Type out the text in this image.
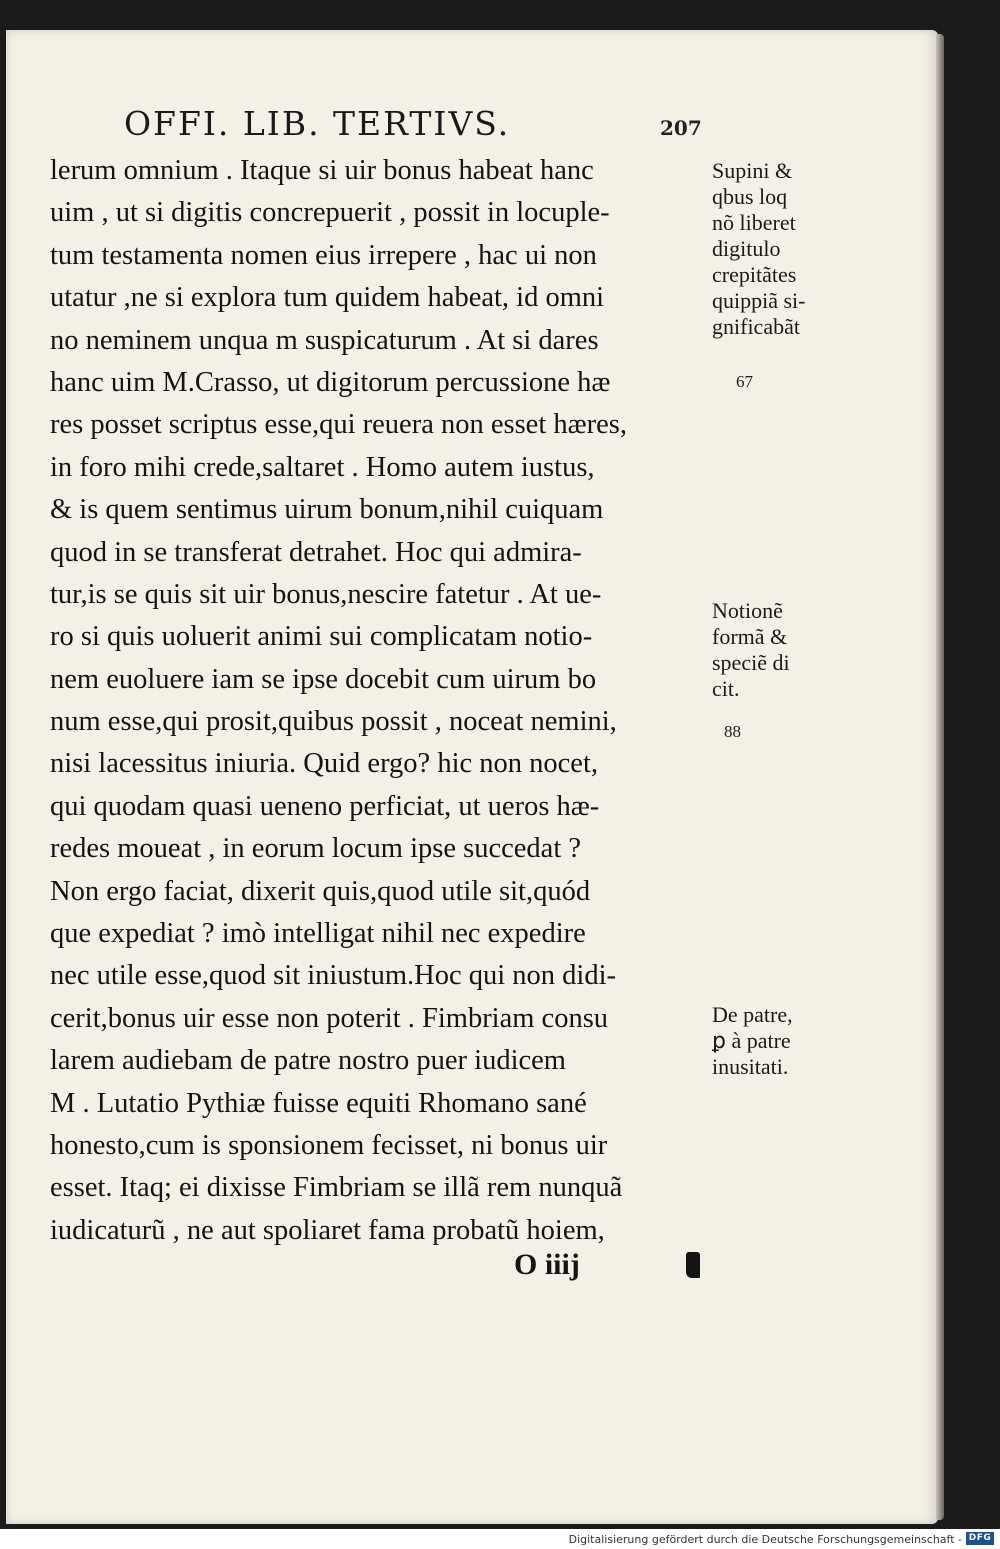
OFFI. LIB. TERTIVS.	207
lerum omnium . Itaque si uir bonus habeat hanc
uim , ut si digitis concrepuerit , possit in locuple-
tum testamenta nomen eius irrepere , hac ui non
utatur ,ne si explora tum quidem habeat, id omni
no neminem unqua m suspicaturum . At si dares
hanc uim M.Crasso, ut digitorum percussione hæ
res posset scriptus esse,qui reuera non esset hæres,
in foro mihi crede,saltaret . Homo autem iustus,
& is quem sentimus uirum bonum,nihil cuiquam
quod in se transferat detrahet. Hoc qui admira-
tur,is se quis sit uir bonus,nescire fatetur . At ue-
ro si quis uoluerit animi sui complicatam notio-
nem euoluere iam se ipse docebit cum uirum bo
num esse,qui prosit,quibus possit , noceat nemini,
nisi lacessitus iniuria. Quid ergo? hic non nocet,
qui quodam quasi ueneno perficiat, ut ueros hæ-
redes moueat , in eorum locum ipse succedat ?
Non ergo faciat, dixerit quis,quod utile sit,quód
que expediat ? imò intelligat nihil nec expedire
nec utile esse,quod sit iniustum.Hoc qui non didi-
cerit,bonus uir esse non poterit . Fimbriam consu
larem audiebam de patre nostro puer iudicem
M . Lutatio Pythiæ fuisse equiti Rhomano sané
honesto,cum is sponsionem fecisset, ni bonus uir
esset. Itaq; ei dixisse Fimbriam se illã rem nunquã
iudicaturũ , ne aut spoliaret fama probatũ hoiem,
Supini &
qbus loq
nõ liberet
digitulo
crepitãtes
quippiã si-
gnificabãt
67
Notionẽ
formã &
speciẽ di
cit.
88
De patre,
ꝑ à patre
inusitati.
O iiij
Digitalisierung gefördert durch die Deutsche Forschungsgemeinschaft - DFG
